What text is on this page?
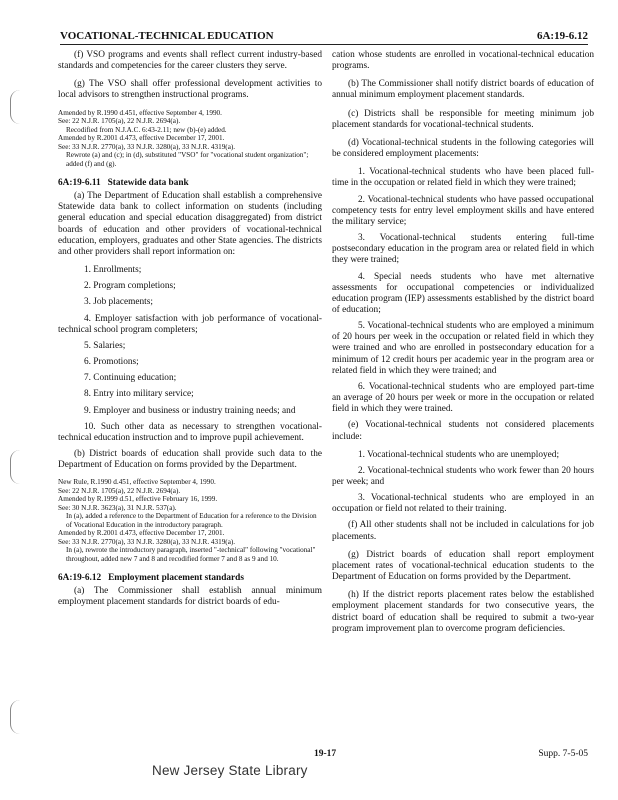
VOCATIONAL-TECHNICAL EDUCATION	6A:19-6.12

(f) VSO programs and events shall reflect current industry-based standards and competencies for the career clusters they serve.

(g) The VSO shall offer professional development activities to local advisors to strengthen instructional programs.

Amended by R.1990 d.451, effective September 4, 1990.
See: 22 N.J.R. 1705(a), 22 N.J.R. 2694(a).
Recodified from N.J.A.C. 6:43-2.11; new (b)-(e) added.
Amended by R.2001 d.473, effective December 17, 2001.
See: 33 N.J.R. 2770(a), 33 N.J.R. 3280(a), 33 N.J.R. 4319(a).
Rewrote (a) and (c); in (d), substituted "VSO" for "vocational student organization"; added (f) and (g).
6A:19-6.11 Statewide data bank

(a) The Department of Education shall establish a comprehensive Statewide data bank to collect information on students (including general education and special education disaggregated) from district boards of education and other providers of vocational-technical education, employers, graduates and other State agencies. The districts and other providers shall report information on:

1. Enrollments;

2. Program completions;

3. Job placements;

4. Employer satisfaction with job performance of vocational-technical school program completers;

5. Salaries;

6. Promotions;

7. Continuing education;

8. Entry into military service;

9. Employer and business or industry training needs; and

10. Such other data as necessary to strengthen vocational-technical education instruction and to improve pupil achievement.

(b) District boards of education shall provide such data to the Department of Education on forms provided by the Department.

New Rule, R.1990 d.451, effective September 4, 1990.
See: 22 N.J.R. 1705(a), 22 N.J.R. 2694(a).
Amended by R.1999 d.51, effective February 16, 1999.
See: 30 N.J.R. 3623(a), 31 N.J.R. 537(a).
In (a), added a reference to the Department of Education for a reference to the Division of Vocational Education in the introductory paragraph.
Amended by R.2001 d.473, effective December 17, 2001.
See: 33 N.J.R. 2770(a), 33 N.J.R. 3280(a), 33 N.J.R. 4319(a).
In (a), rewrote the introductory paragraph, inserted "-technical" following "vocational" throughout, added new 7 and 8 and recodified former 7 and 8 as 9 and 10.
6A:19-6.12 Employment placement standards

(a) The Commissioner shall establish annual minimum employment placement standards for district boards of edu-

cation whose students are enrolled in vocational-technical education programs.

(b) The Commissioner shall notify district boards of education of annual minimum employment placement standards.

(c) Districts shall be responsible for meeting minimum job placement standards for vocational-technical students.

(d) Vocational-technical students in the following categories will be considered employment placements:

1. Vocational-technical students who have been placed full-time in the occupation or related field in which they were trained;

2. Vocational-technical students who have passed occupational competency tests for entry level employment skills and have entered the military service;

3. Vocational-technical students entering full-time postsecondary education in the program area or related field in which they were trained;

4. Special needs students who have met alternative assessments for occupational competencies or individualized education program (IEP) assessments established by the district board of education;

5. Vocational-technical students who are employed a minimum of 20 hours per week in the occupation or related field in which they were trained and who are enrolled in postsecondary education for a minimum of 12 credit hours per academic year in the program area or related field in which they were trained; and

6. Vocational-technical students who are employed part-time an average of 20 hours per week or more in the occupation or related field in which they were trained.

(e) Vocational-technical students not considered placements include:

1. Vocational-technical students who are unemployed;

2. Vocational-technical students who work fewer than 20 hours per week; and

3. Vocational-technical students who are employed in an occupation or field not related to their training.

(f) All other students shall not be included in calculations for job placements.

(g) District boards of education shall report employment placement rates of vocational-technical education students to the Department of Education on forms provided by the Department.

(h) If the district reports placement rates below the established employment placement standards for two consecutive years, the district board of education shall be required to submit a two-year program improvement plan to overcome program deficiencies.

19-17	Supp. 7-5-05
New Jersey State Library
